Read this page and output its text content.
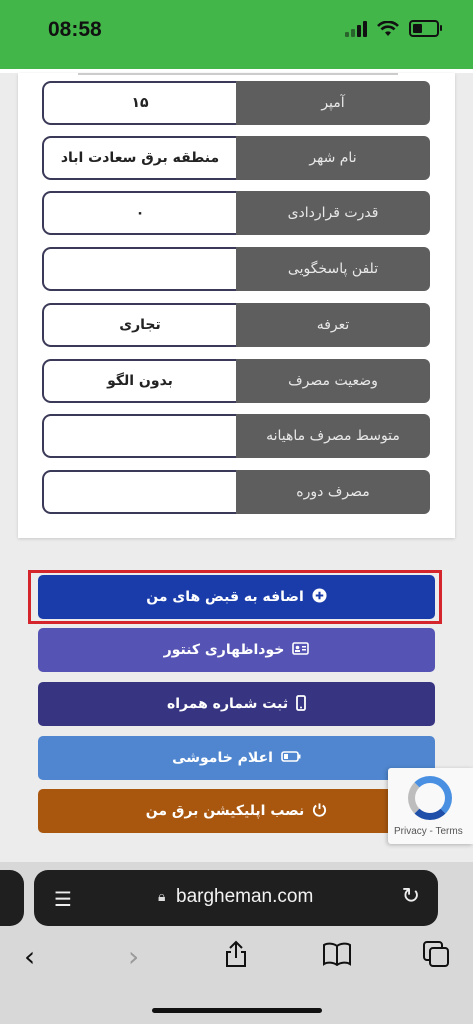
08:58
۱۵	آمپر
منطقه برق سعادت اباد	نام شهر
۰	قدرت قراردادی
تلفن پاسخگویی
تجاری	تعرفه
بدون الگو	وضعیت مصرف
متوسط مصرف ماهیانه
مصرف دوره
اضافه به قبض های من
خوداظهاری کنتور
ثبت شماره همراه
اعلام خاموشی
نصب اپلیکیشن برق من
Privacy - Terms
☰	🔒︎ bargheman.com	↻
‹	›
